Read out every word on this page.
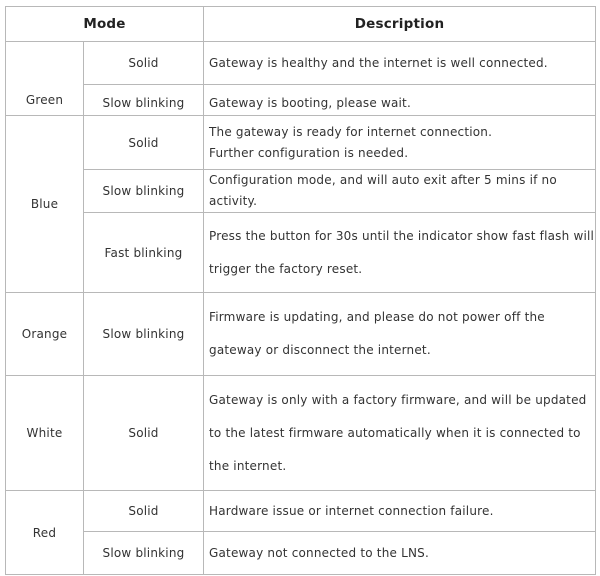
Mode		Description
Green	Solid	Gateway is healthy and the internet is well connected.

	Slow blinking	Gateway is booting, please wait.

Blue	Solid	The gateway is ready for internet connection.
Further configuration is needed.

	Slow blinking	Configuration mode, and will auto exit after 5 mins if no activity.

	Fast blinking	Press the button for 30s until the indicator show fast flash will
trigger the factory reset.

Orange	Slow blinking	Firmware is updating, and please do not power off the
gateway or disconnect the internet.

White	Solid	Gateway is only with a factory firmware, and will be updated
to the latest firmware automatically when it is connected to
the internet.

Red	Solid	Hardware issue or internet connection failure.

	Slow blinking	Gateway not connected to the LNS.
